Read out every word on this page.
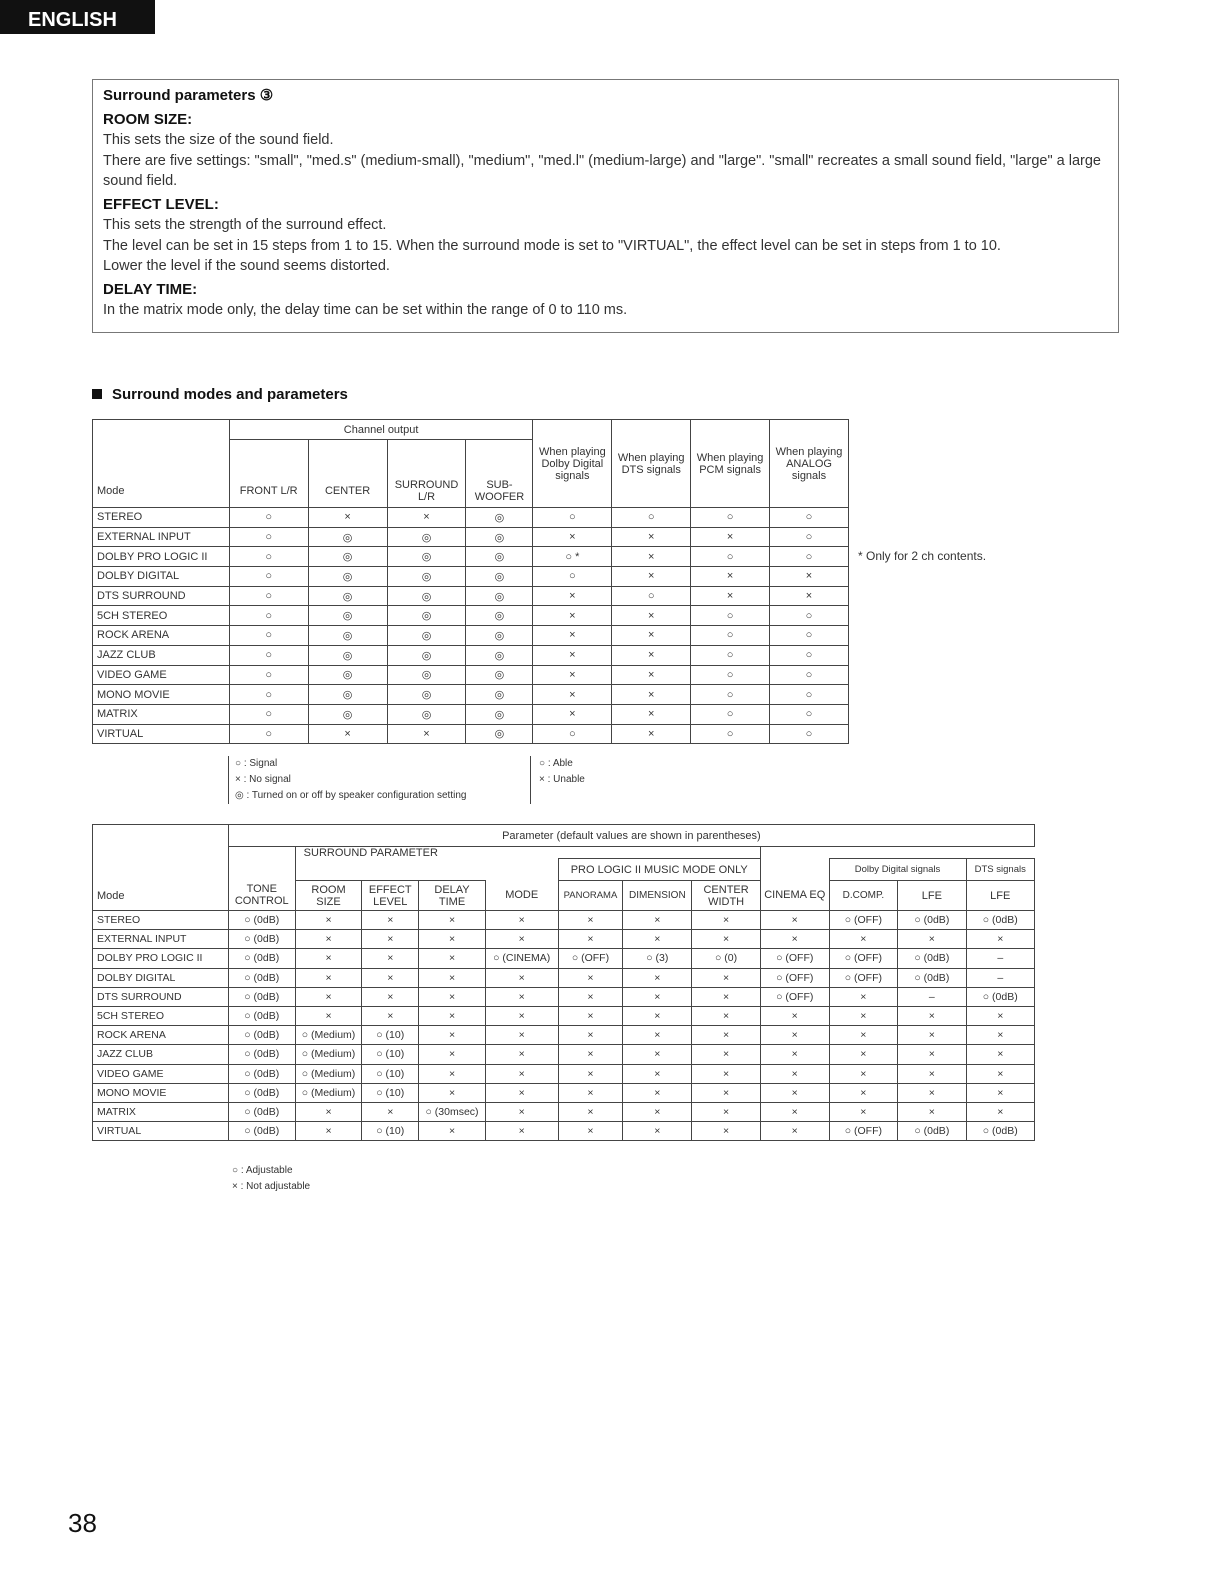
ENGLISH
Surround parameters ③
ROOM SIZE:

This sets the size of the sound field.

There are five settings: "small", "med.s" (medium-small), "medium", "med.l" (medium-large) and "large". "small" recreates a small sound field, "large" a large sound field.

EFFECT LEVEL:

This sets the strength of the surround effect.

The level can be set in 15 steps from 1 to 15. When the surround mode is set to "VIRTUAL", the effect level can be set in steps from 1 to 10.

Lower the level if the sound seems distorted.

DELAY TIME:

In the matrix mode only, the delay time can be set within the range of 0 to 110 ms.

Surround modes and parameters
Mode	Channel output				When playing Dolby Digital signals	When playing DTS signals	When playing PCM signals	When playing ANALOG signals
	FRONT L/R	CENTER	SURROUND L/R	SUB-WOOFER				
STEREO	○	×	×	◎	○	○	○	○
EXTERNAL INPUT	○	◎	◎	◎	×	×	×	○
DOLBY PRO LOGIC II	○	◎	◎	◎	○ *	×	○	○
DOLBY DIGITAL	○	◎	◎	◎	○	×	×	×
DTS SURROUND	○	◎	◎	◎	×	○	×	×
5CH STEREO	○	◎	◎	◎	×	×	○	○
ROCK ARENA	○	◎	◎	◎	×	×	○	○
JAZZ CLUB	○	◎	◎	◎	×	×	○	○
VIDEO GAME	○	◎	◎	◎	×	×	○	○
MONO MOVIE	○	◎	◎	◎	×	×	○	○
MATRIX	○	◎	◎	◎	×	×	○	○
VIRTUAL	○	×	×	◎	○	×	○	○
* Only for 2 ch contents.
○ : Signal
× : No signal
◎ : Turned on or off by speaker configuration setting
○ : Able
× : Unable
Mode	Parameter (default values are shown in parentheses)											
		SURROUND PARAMETER										
						PRO LOGIC II MUSIC MODE ONLY				Dolby Digital signals		DTS signals
	TONE CONTROL	ROOM SIZE	EFFECT LEVEL	DELAY TIME	MODE	PANORAMA	DIMENSION	CENTER WIDTH	CINEMA EQ	D.COMP.	LFE	LFE
STEREO	○ (0dB)	×	×	×	×	×	×	×	×	○ (OFF)	○ (0dB)	○ (0dB)
EXTERNAL INPUT	○ (0dB)	×	×	×	×	×	×	×	×	×	×	×
DOLBY PRO LOGIC II	○ (0dB)	×	×	×	○ (CINEMA)	○ (OFF)	○ (3)	○ (0)	○ (OFF)	○ (OFF)	○ (0dB)	–
DOLBY DIGITAL	○ (0dB)	×	×	×	×	×	×	×	○ (OFF)	○ (OFF)	○ (0dB)	–
DTS SURROUND	○ (0dB)	×	×	×	×	×	×	×	○ (OFF)	×	–	○ (0dB)
5CH STEREO	○ (0dB)	×	×	×	×	×	×	×	×	×	×	×
ROCK ARENA	○ (0dB)	○ (Medium)	○ (10)	×	×	×	×	×	×	×	×	×
JAZZ CLUB	○ (0dB)	○ (Medium)	○ (10)	×	×	×	×	×	×	×	×	×
VIDEO GAME	○ (0dB)	○ (Medium)	○ (10)	×	×	×	×	×	×	×	×	×
MONO MOVIE	○ (0dB)	○ (Medium)	○ (10)	×	×	×	×	×	×	×	×	×
MATRIX	○ (0dB)	×	×	○ (30msec)	×	×	×	×	×	×	×	×
VIRTUAL	○ (0dB)	×	○ (10)	×	×	×	×	×	×	○ (OFF)	○ (0dB)	○ (0dB)
○ : Adjustable
× : Not adjustable
38
